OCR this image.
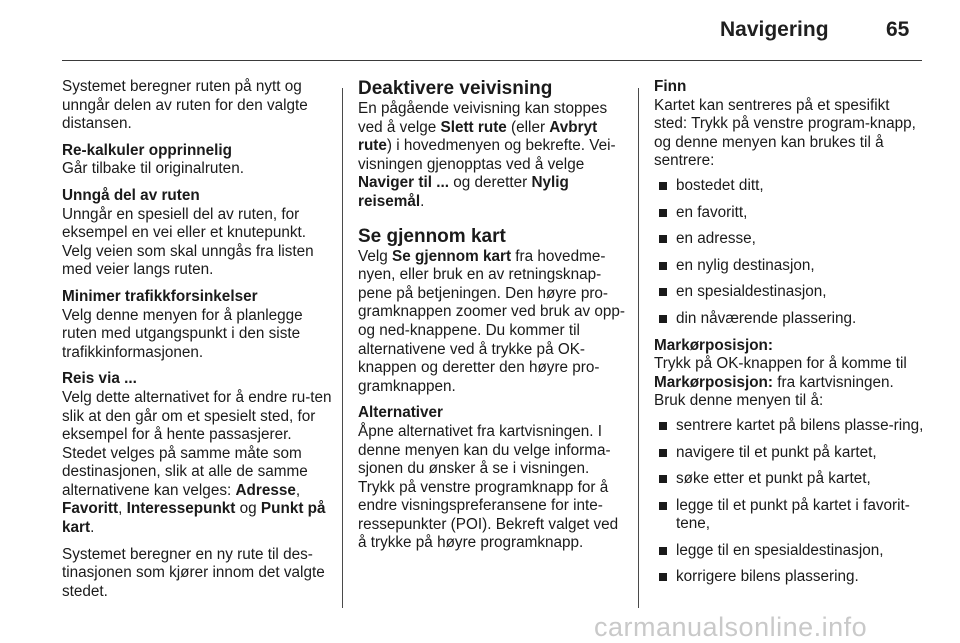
Navigering	65

Systemet beregner ruten på nytt og unngår delen av ruten for den valgte distansen.

Re-kalkuler opprinnelig
Går tilbake til originalruten.

Unngå del av ruten
Unngår en spesiell del av ruten, for eksempel en vei eller et knutepunkt. Velg veien som skal unngås fra listen med veier langs ruten.

Minimer trafikkforsinkelser
Velg denne menyen for å planlegge ruten med utgangspunkt i den siste trafikkinformasjonen.

Reis via ...
Velg dette alternativet for å endre ru-ten slik at den går om et spesielt sted, for eksempel for å hente passasjerer. Stedet velges på samme måte som destinasjonen, slik at alle de samme alternativene kan velges: Adresse, Favoritt, Interessepunkt og Punkt på kart.

Systemet beregner en ny rute til des-tinasjonen som kjører innom det valgte stedet.

Deaktivere veivisning

En pågående veivisning kan stoppes ved å velge Slett rute (eller Avbryt rute) i hovedmenyen og bekrefte. Vei-visningen gjenopptas ved å velge Naviger til ... og deretter Nylig reisemål.

Se gjennom kart

Velg Se gjennom kart fra hovedme-nyen, eller bruk en av retningsknap-pene på betjeningen. Den høyre pro-gramknappen zoomer ved bruk av opp- og ned-knappene. Du kommer til alternativene ved å trykke på OK-knappen og deretter den høyre pro-gramknappen.

Alternativer
Åpne alternativet fra kartvisningen. I denne menyen kan du velge informa-sjonen du ønsker å se i visningen. Trykk på venstre programknapp for å endre visningspreferansene for inte-ressepunkter (POI). Bekreft valget ved å trykke på høyre programknapp.

Finn
Kartet kan sentreres på et spesifikt sted: Trykk på venstre program-knapp, og denne menyen kan brukes til å sentrere:

bostedet ditt,
en favoritt,
en adresse,
en nylig destinasjon,
en spesialdestinasjon,
din nåværende plassering.

Markørposisjon:
Trykk på OK-knappen for å komme til Markørposisjon: fra kartvisningen.
Bruk denne menyen til å:

sentrere kartet på bilens plasse-ring,
navigere til et punkt på kartet,
søke etter et punkt på kartet,
legge til et punkt på kartet i favorit-tene,
legge til en spesialdestinasjon,
korrigere bilens plassering.
carmanualsonline.info
